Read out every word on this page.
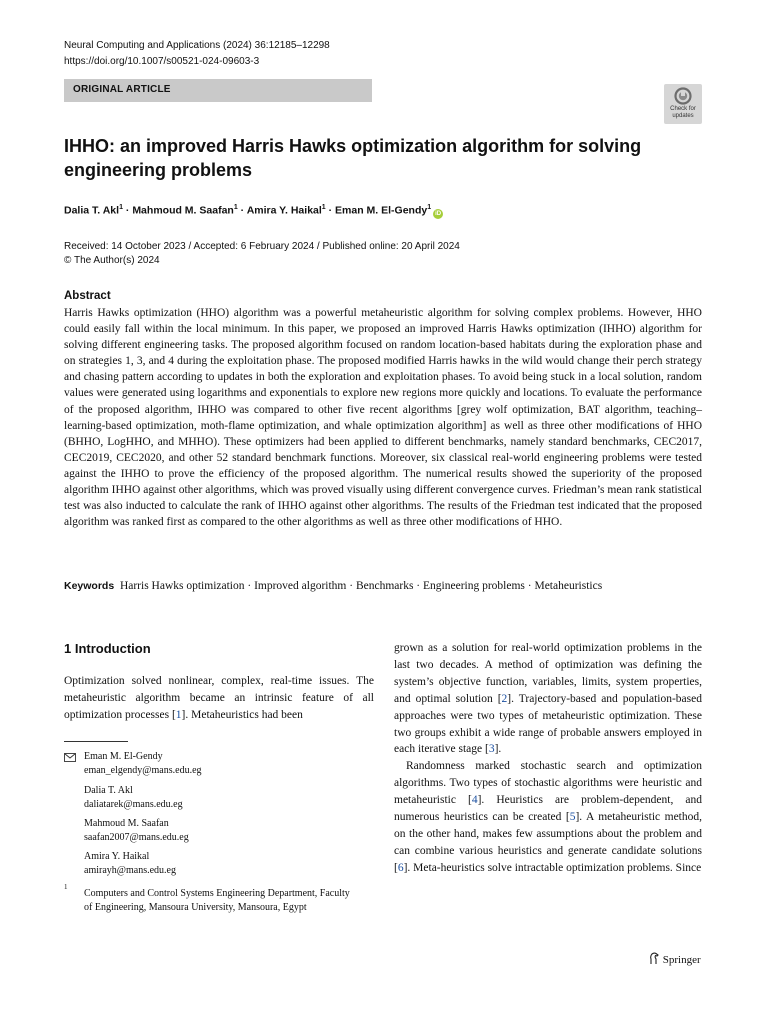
Neural Computing and Applications (2024) 36:12185–12298
https://doi.org/10.1007/s00521-024-09603-3
ORIGINAL ARTICLE
Check for
updates
IHHO: an improved Harris Hawks optimization algorithm for solving engineering problems
Dalia T. Akl$^1$ · Mahmoud M. Saafan$^1$ · Amira Y. Haikal$^1$ · Eman M. El-Gendy$^1$iD
Received: 14 October 2023 / Accepted: 6 February 2024 / Published online: 20 April 2024
© The Author(s) 2024
Abstract

Harris Hawks optimization (HHO) algorithm was a powerful metaheuristic algorithm for solving complex problems. However, HHO could easily fall within the local minimum. In this paper, we proposed an improved Harris Hawks optimization (IHHO) algorithm for solving different engineering tasks. The proposed algorithm focused on random location-based habitats during the exploration phase and on strategies 1, 3, and 4 during the exploitation phase. The proposed modified Harris hawks in the wild would change their perch strategy and chasing pattern according to updates in both the exploration and exploitation phases. To avoid being stuck in a local solution, random values were generated using logarithms and exponentials to explore new regions more quickly and locations. To evaluate the performance of the proposed algorithm, IHHO was compared to other five recent algorithms [grey wolf optimization, BAT algorithm, teaching–learning-based optimization, moth-flame optimization, and whale optimization algorithm] as well as three other modifications of HHO (BHHO, LogHHO, and MHHO). These optimizers had been applied to different benchmarks, namely standard benchmarks, CEC2017, CEC2019, CEC2020, and other 52 standard benchmark functions. Moreover, six classical real-world engineering problems were tested against the IHHO to prove the efficiency of the proposed algorithm. The numerical results showed the superiority of the proposed algorithm IHHO against other algorithms, which was proved visually using different convergence curves. Friedman’s mean rank statistical test was also inducted to calculate the rank of IHHO against other algorithms. The results of the Friedman test indicated that the proposed algorithm was ranked first as compared to the other algorithms as well as three other modifications of HHO.

Keywords Harris Hawks optimization · Improved algorithm · Benchmarks · Engineering problems · Metaheuristics
1 Introduction

Optimization solved nonlinear, complex, real-time issues. The metaheuristic algorithm became an intrinsic feature of all optimization processes [1]. Metaheuristics had been

Eman M. El-Gendy
eman_elgendy@mans.edu.eg
Dalia T. Akl
daliatarek@mans.edu.eg
Mahmoud M. Saafan
saafan2007@mans.edu.eg
Amira Y. Haikal
amirayh@mans.edu.eg
1
Computers and Control Systems Engineering Department, Faculty of Engineering, Mansoura University, Mansoura, Egypt

grown as a solution for real-world optimization problems in the last two decades. A method of optimization was defining the system’s objective function, variables, limits, system properties, and optimal solution [2]. Trajectory-based and population-based approaches were two types of metaheuristic optimization. These two groups exhibit a wide range of probable answers employed in each iterative stage [3].

Randomness marked stochastic search and optimization algorithms. Two types of stochastic algorithms were heuristic and metaheuristic [4]. Heuristics are problem-dependent, and numerous heuristics can be created [5]. A metaheuristic method, on the other hand, makes few assumptions about the problem and can combine various heuristics and generate candidate solutions [6]. Meta-heuristics solve intractable optimization problems. Since

Springer
